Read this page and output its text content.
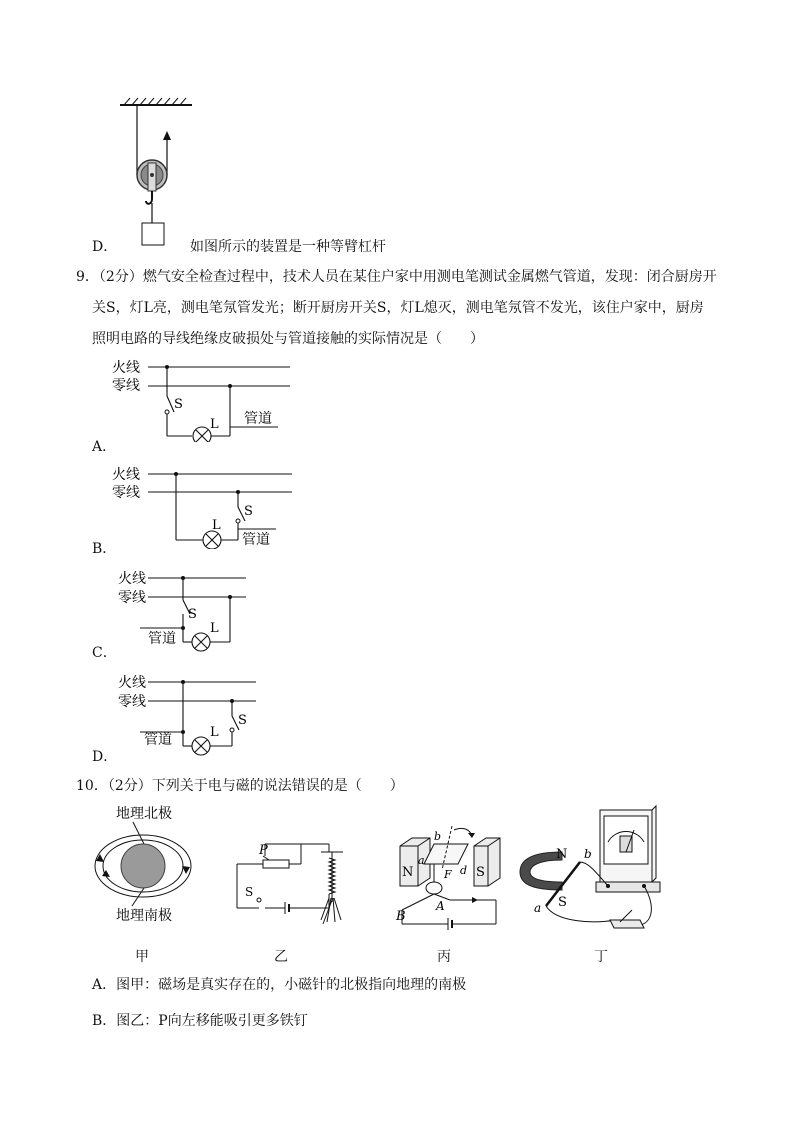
D．	如图所示的装置是一种等臂杠杆
9．（2分）燃气安全检查过程中，技术人员在某住户家中用测电笔测试金属燃气管道，发现：闭合厨房开
关S，灯L亮，测电笔氖管发光；断开厨房开关S，灯L熄灭，测电笔氖管不发光，该住户家中，厨房
照明电路的导线绝缘皮破损处与管道接触的实际情况是（　　）
火线
零线
S
L 管道
A．
火线
零线
S
L
管道
B．
火线
零线
S
L
管道
C．
火线
零线
S
L
管道
D．
10．（2分）下列关于电与磁的说法错误的是（　　）
地理北极
地理南极
甲
P
S
乙
N	S
b
a
d
F
A
B
丙
N
S
a
b
丁
A．图甲：磁场是真实存在的，小磁针的北极指向地理的南极
B．图乙：P向左移能吸引更多铁钉
